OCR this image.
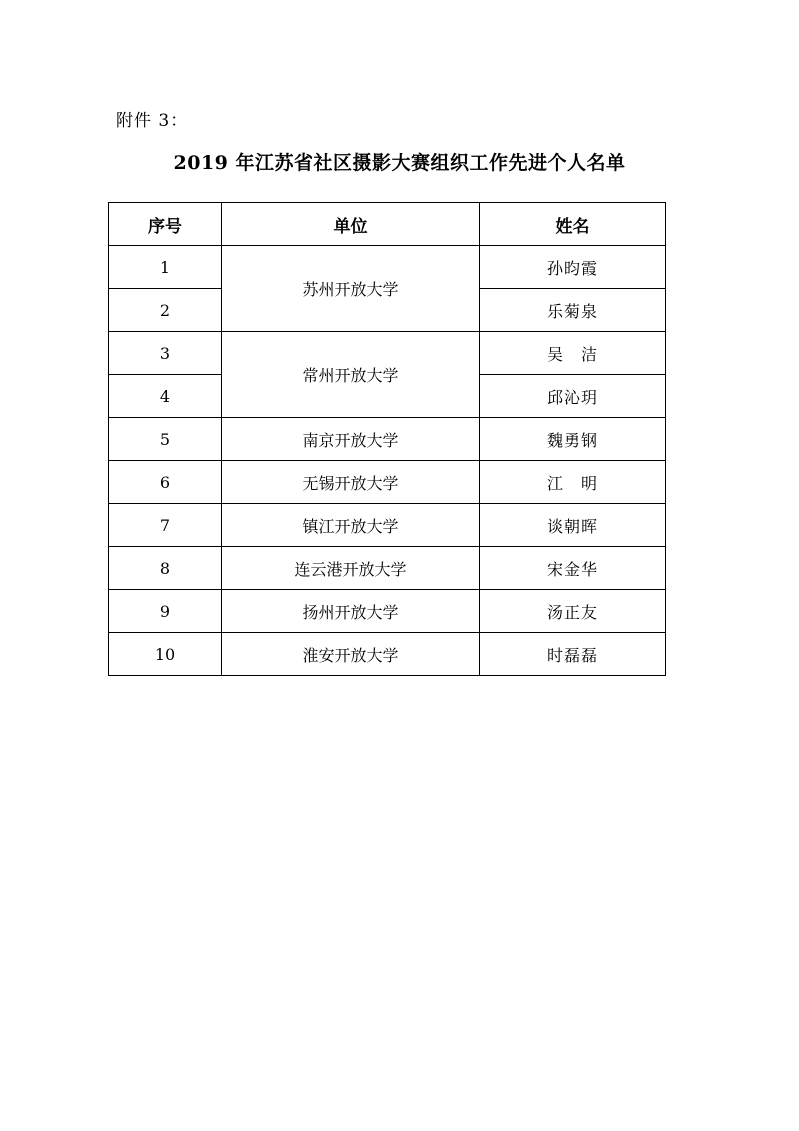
附件 3：
2019 年江苏省社区摄影大赛组织工作先进个人名单
序号	单位	姓名
1	苏州开放大学	孙昀霞
2		乐菊泉
3	常州开放大学	吴　洁
4		邱沁玥
5	南京开放大学	魏勇钢
6	无锡开放大学	江　明
7	镇江开放大学	谈朝晖
8	连云港开放大学	宋金华
9	扬州开放大学	汤正友
10	淮安开放大学	时磊磊
